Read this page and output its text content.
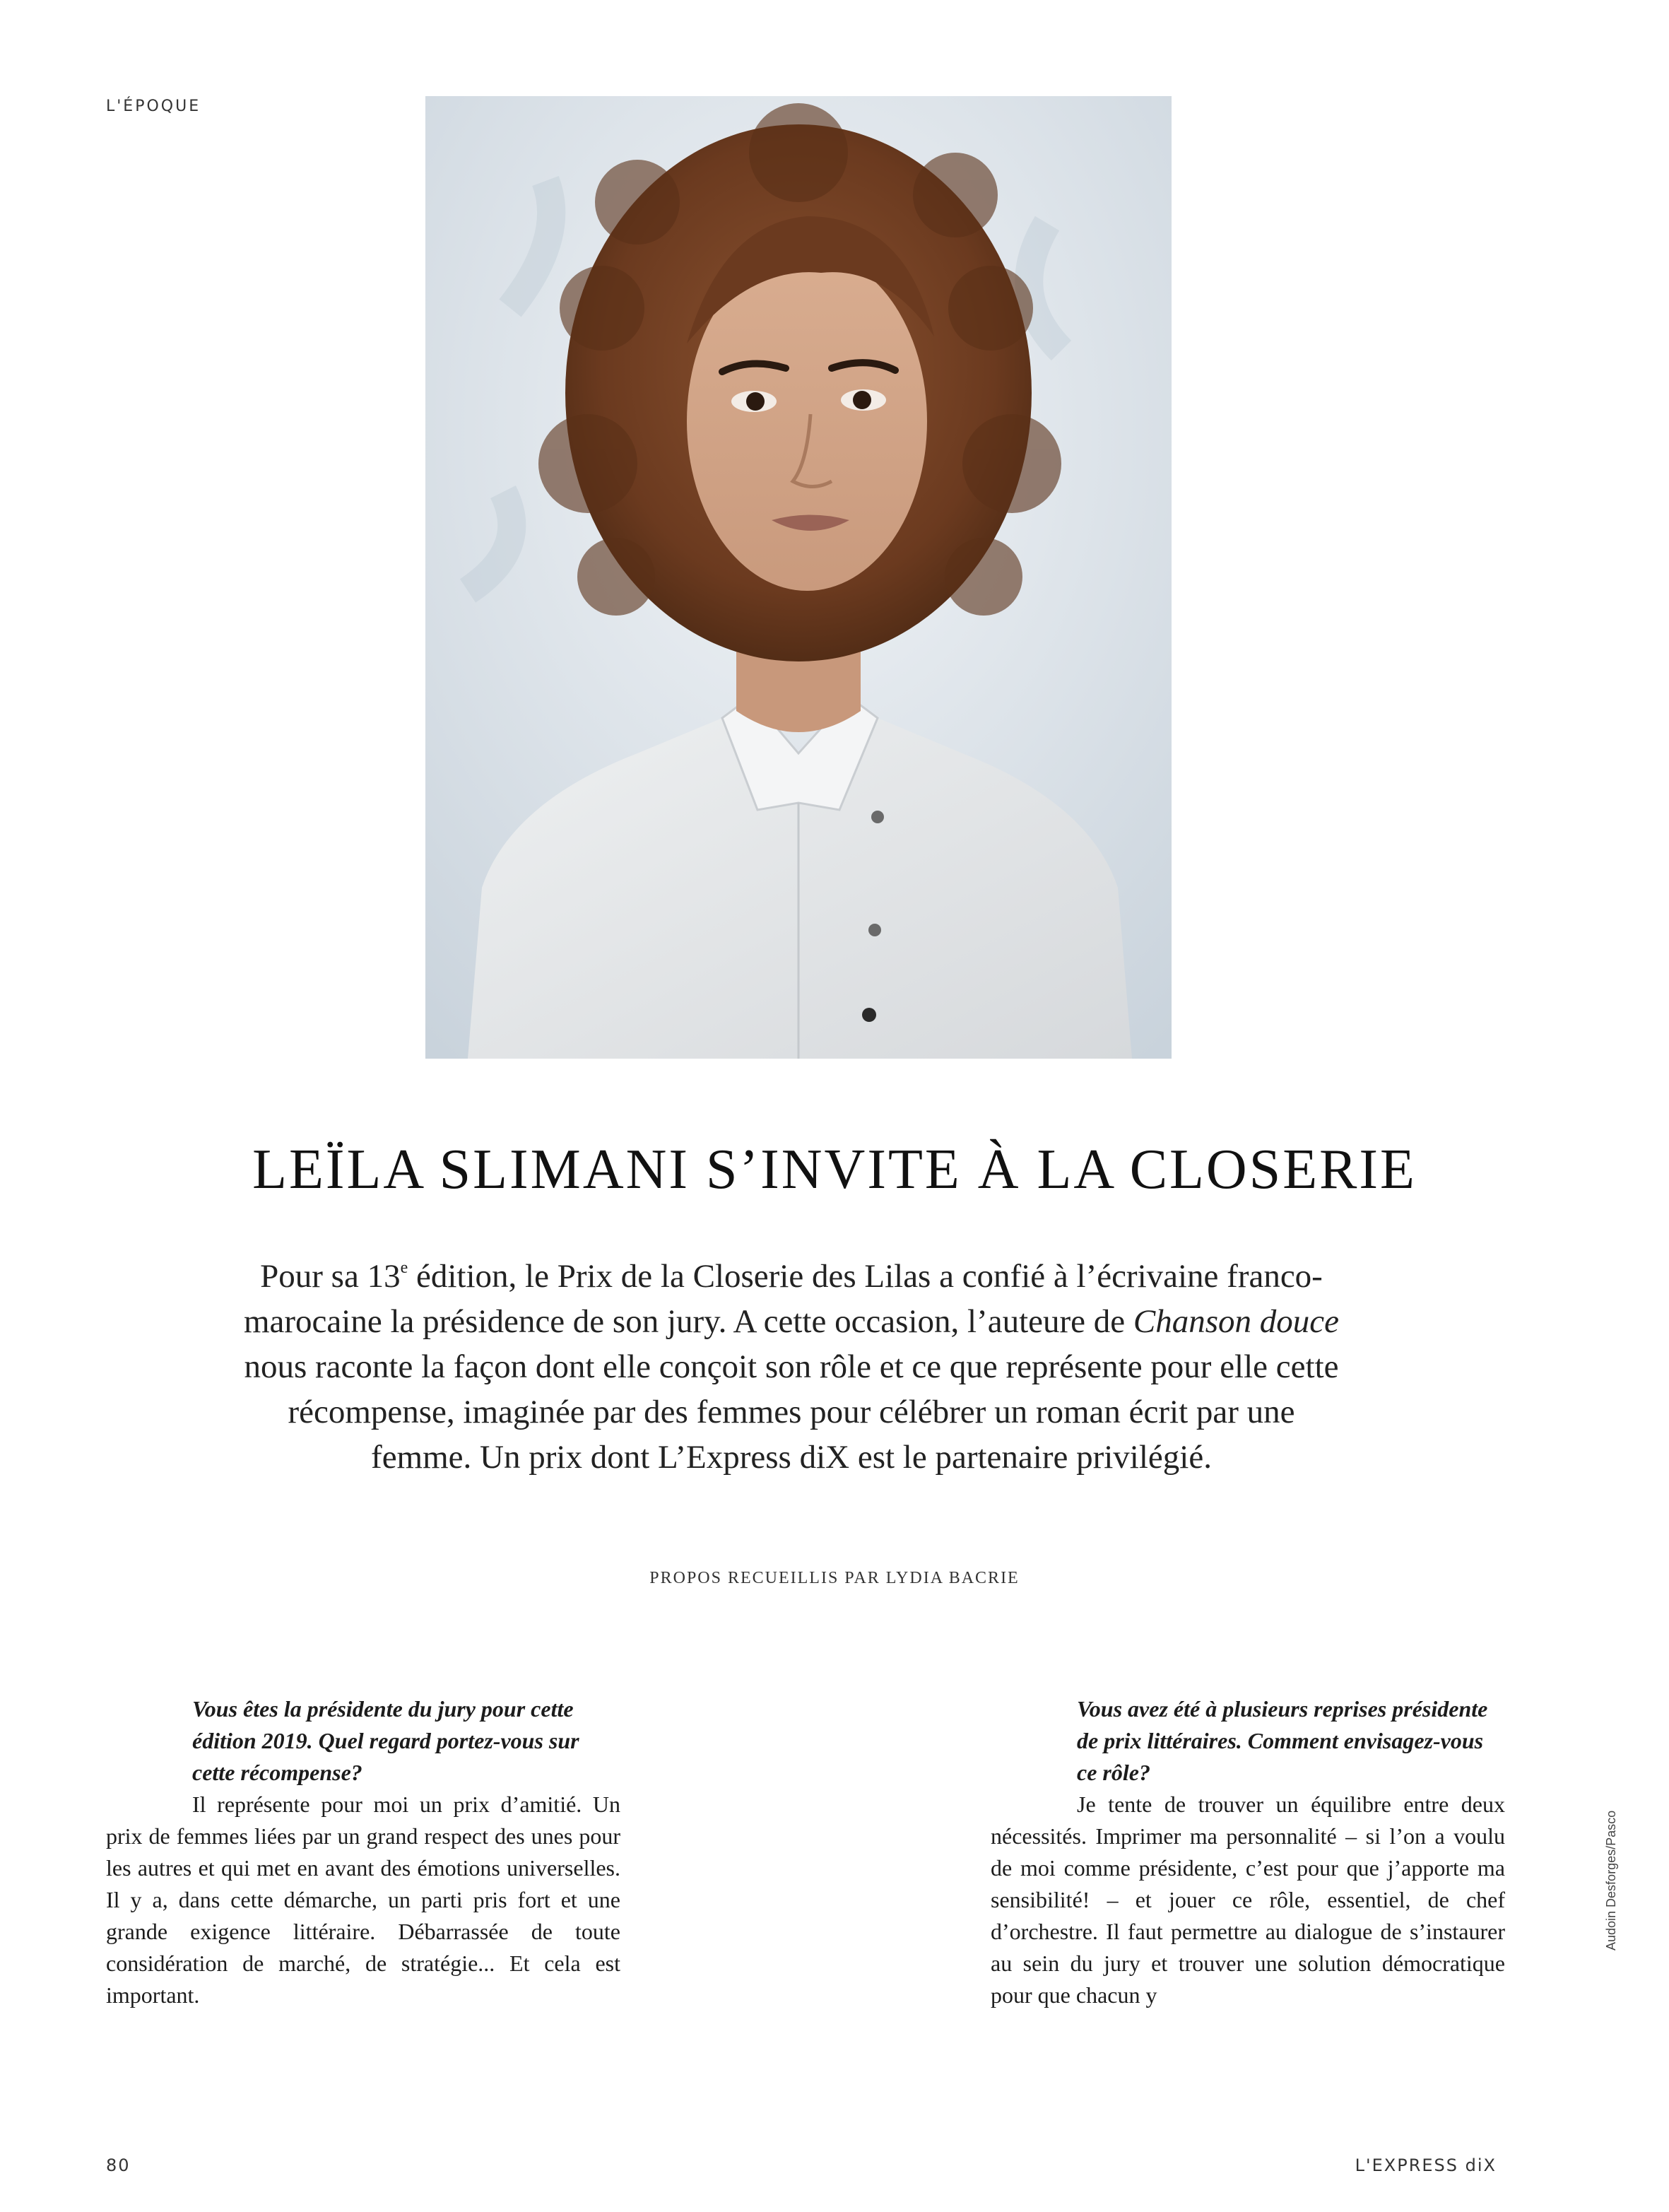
L'ÉPOQUE
LEÏLA SLIMANI S’INVITE À LA CLOSERIE
Pour sa 13e édition, le Prix de la Closerie des Lilas a confié à l’écrivaine franco-marocaine la présidence de son jury. A cette occasion, l’auteure de Chanson douce nous raconte la façon dont elle conçoit son rôle et ce que représente pour elle cette récompense, imaginée par des femmes pour célébrer un roman écrit par une femme. Un prix dont L’Express diX est le partenaire privilégié.
PROPOS RECUEILLIS PAR LYDIA BACRIE

Vous êtes la présidente du jury pour cette édition 2019. Quel regard portez-vous sur cette récompense?

Il représente pour moi un prix d’amitié. Un prix de femmes liées par un grand respect des unes pour les autres et qui met en avant des émotions universelles. Il y a, dans cette démarche, un parti pris fort et une grande exigence littéraire. Débarrassée de toute considération de marché, de stratégie... Et cela est important.

Vous avez été à plusieurs reprises présidente de prix littéraires. Comment envisagez-vous ce rôle?

Je tente de trouver un équilibre entre deux nécessités. Imprimer ma personnalité – si l’on a voulu de moi comme présidente, c’est pour que j’apporte ma sensibilité! – et jouer ce rôle, essentiel, de chef d’orchestre. Il faut permettre au dialogue de s’instaurer au sein du jury et trouver une solution démocratique pour que chacun y

Audoin Desforges/Pasco
80	L'EXPRESS diX
